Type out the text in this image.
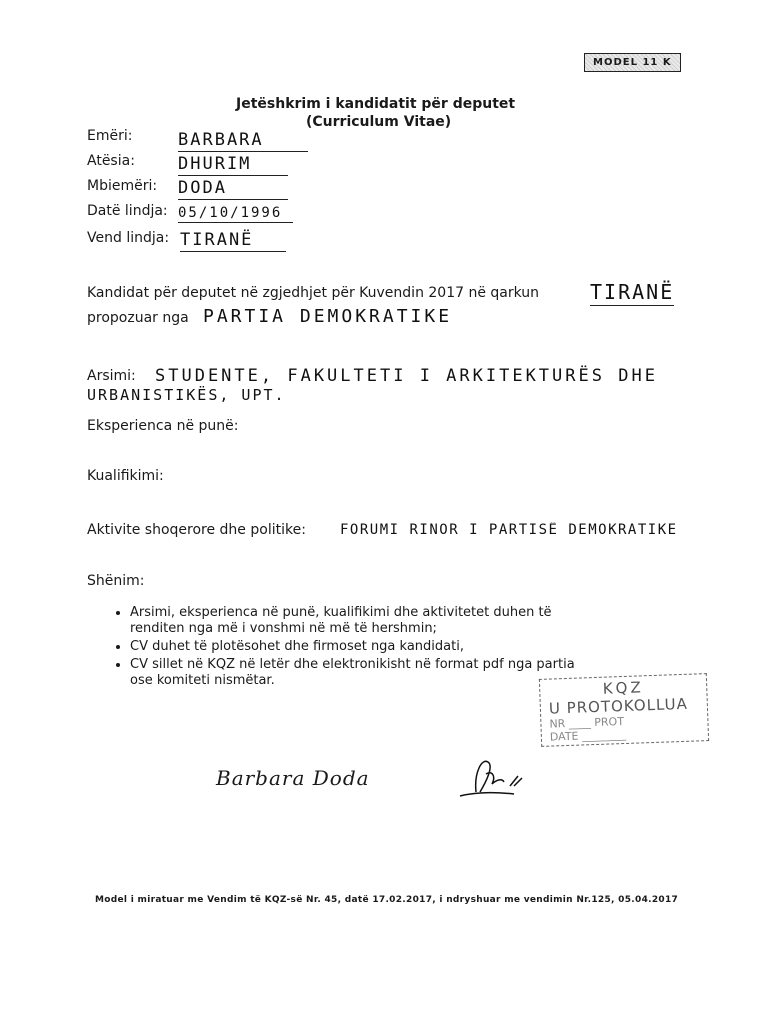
MODEL 11 K
Jetëshkrim i kandidatit për deputet
(Curriculum Vitae)
Emëri:	BARBARA
Atësia:	DHURIM
Mbiemëri: DODA
Datë lindja: 05/10/1996
Vend lindja: TIRANË
Kandidat për deputet në zgjedhjet për Kuvendin 2017 në qarkun	TIRANË
propozuar nga PARTIA DEMOKRATIKE
Arsimi: STUDENTE, FAKULTETI I ARKITEKTURËS DHE
URBANISTIKËS, UPT.
Eksperienca në punë:
Kualifikimi:
Aktivite shoqerore dhe politike: FORUMI RINOR I PARTISË DEMOKRATIKE
Shënim:
• Arsimi, eksperienca në punë, kualifikimi dhe aktivitetet duhen të renditen nga më i vonshmi në më të hershmin;
• CV duhet të plotësohet dhe firmoset nga kandidati,
• CV sillet në KQZ në letër dhe elektronikisht në format pdf nga partia ose komiteti nismëtar.	KQZ
U PROTOKOLLUA
NR ____ PROT
DATE ________
Barbara Doda
Model i miratuar me Vendim të KQZ-së Nr. 45, datë 17.02.2017, i ndryshuar me vendimin Nr.125, 05.04.2017
